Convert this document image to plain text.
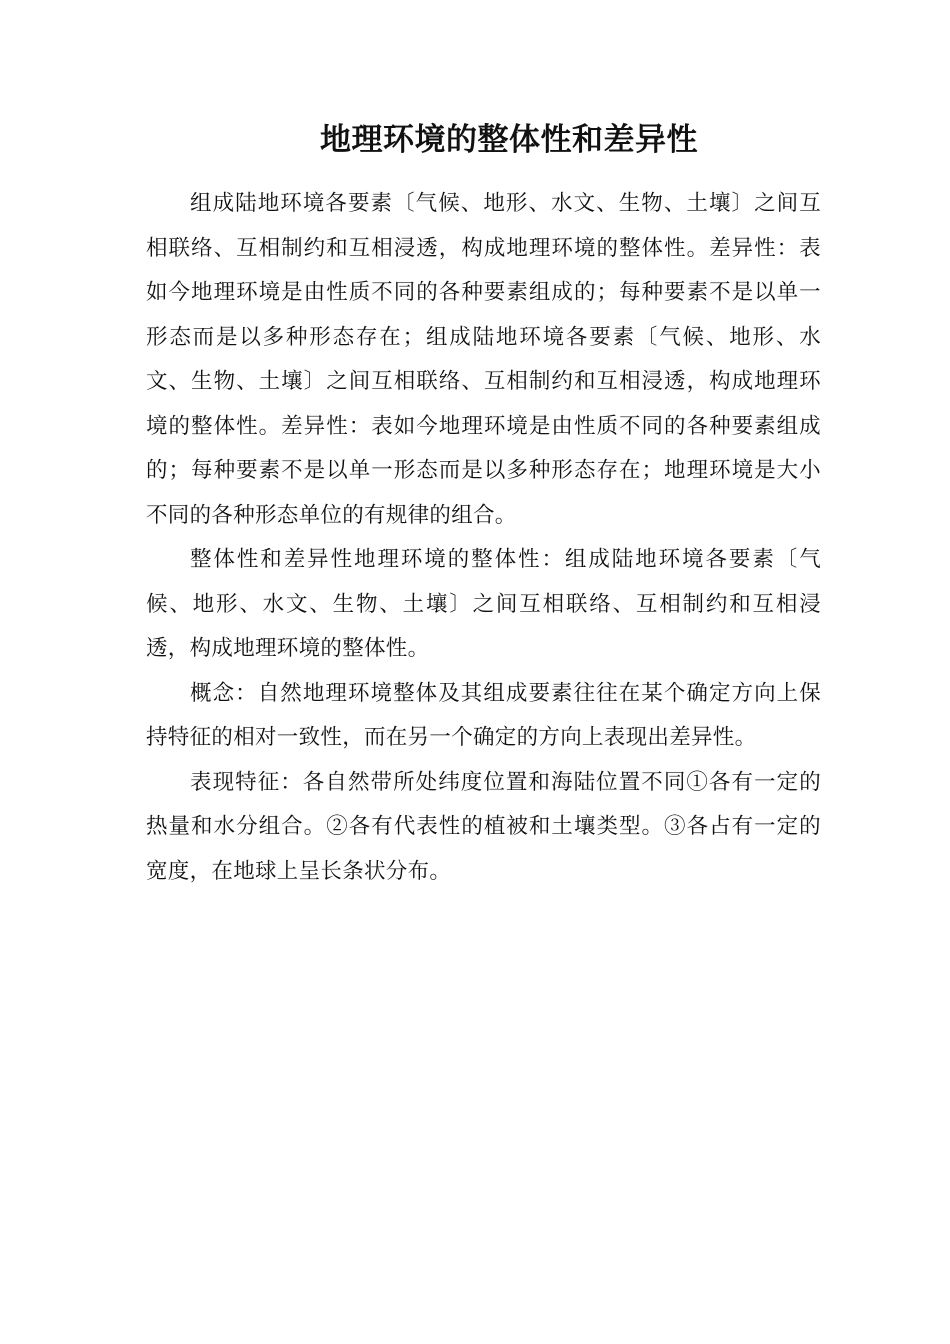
地理环境的整体性和差异性

组成陆地环境各要素〔气候、地形、水文、生物、土壤〕之间互相联络、互相制约和互相浸透，构成地理环境的整体性。差异性：表如今地理环境是由性质不同的各种要素组成的；每种要素不是以单一形态而是以多种形态存在；组成陆地环境各要素〔气候、地形、水文、生物、土壤〕之间互相联络、互相制约和互相浸透，构成地理环境的整体性。差异性：表如今地理环境是由性质不同的各种要素组成的；每种要素不是以单一形态而是以多种形态存在；地理环境是大小不同的各种形态单位的有规律的组合。

整体性和差异性地理环境的整体性：组成陆地环境各要素〔气候、地形、水文、生物、土壤〕之间互相联络、互相制约和互相浸透，构成地理环境的整体性。

概念：自然地理环境整体及其组成要素往往在某个确定方向上保持特征的相对一致性，而在另一个确定的方向上表现出差异性。

表现特征：各自然带所处纬度位置和海陆位置不同①各有一定的热量和水分组合。②各有代表性的植被和土壤类型。③各占有一定的宽度，在地球上呈长条状分布。
